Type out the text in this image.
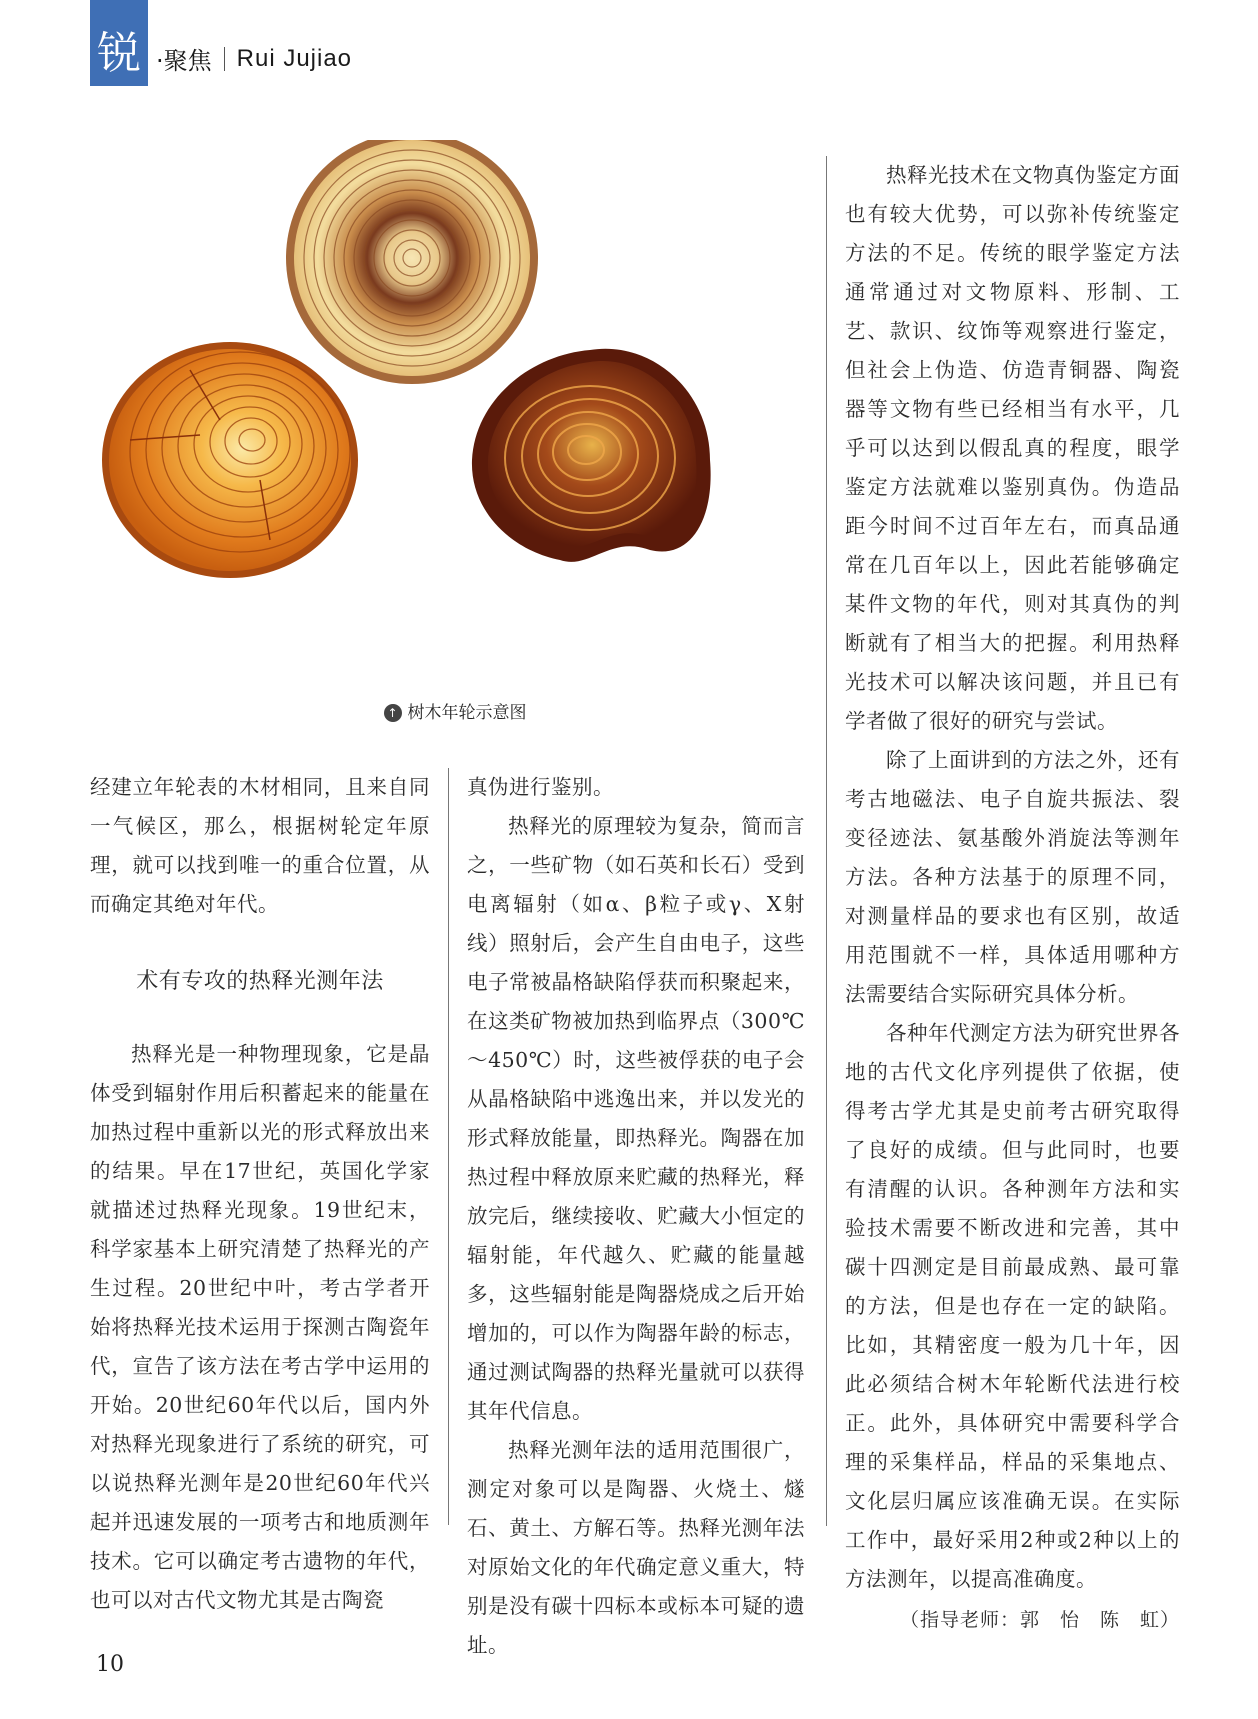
锐 ·聚焦 Rui Jujiao
↑ 树木年轮示意图

经建立年轮表的木材相同，且来自同一气候区，那么，根据树轮定年原理，就可以找到唯一的重合位置，从而确定其绝对年代。

术有专攻的热释光测年法

热释光是一种物理现象，它是晶体受到辐射作用后积蓄起来的能量在加热过程中重新以光的形式释放出来的结果。早在17世纪，英国化学家就描述过热释光现象。19世纪末，科学家基本上研究清楚了热释光的产生过程。20世纪中叶，考古学者开始将热释光技术运用于探测古陶瓷年代，宣告了该方法在考古学中运用的开始。20世纪60年代以后，国内外对热释光现象进行了系统的研究，可以说热释光测年是20世纪60年代兴起并迅速发展的一项考古和地质测年技术。它可以确定考古遗物的年代，也可以对古代文物尤其是古陶瓷

真伪进行鉴别。

热释光的原理较为复杂，简而言之，一些矿物（如石英和长石）受到电离辐射（如α、β粒子或γ、X射线）照射后，会产生自由电子，这些电子常被晶格缺陷俘获而积聚起来，在这类矿物被加热到临界点（300℃～450℃）时，这些被俘获的电子会从晶格缺陷中逃逸出来，并以发光的形式释放能量，即热释光。陶器在加热过程中释放原来贮藏的热释光，释放完后，继续接收、贮藏大小恒定的辐射能，年代越久、贮藏的能量越多，这些辐射能是陶器烧成之后开始增加的，可以作为陶器年龄的标志，通过测试陶器的热释光量就可以获得其年代信息。

热释光测年法的适用范围很广，测定对象可以是陶器、火烧土、燧石、黄土、方解石等。热释光测年法对原始文化的年代确定意义重大，特别是没有碳十四标本或标本可疑的遗址。

热释光技术在文物真伪鉴定方面也有较大优势，可以弥补传统鉴定方法的不足。传统的眼学鉴定方法通常通过对文物原料、形制、工艺、款识、纹饰等观察进行鉴定，但社会上伪造、仿造青铜器、陶瓷器等文物有些已经相当有水平，几乎可以达到以假乱真的程度，眼学鉴定方法就难以鉴别真伪。伪造品距今时间不过百年左右，而真品通常在几百年以上，因此若能够确定某件文物的年代，则对其真伪的判断就有了相当大的把握。利用热释光技术可以解决该问题，并且已有学者做了很好的研究与尝试。

除了上面讲到的方法之外，还有考古地磁法、电子自旋共振法、裂变径迹法、氨基酸外消旋法等测年方法。各种方法基于的原理不同，对测量样品的要求也有区别，故适用范围就不一样，具体适用哪种方法需要结合实际研究具体分析。

各种年代测定方法为研究世界各地的古代文化序列提供了依据，使得考古学尤其是史前考古研究取得了良好的成绩。但与此同时，也要有清醒的认识。各种测年方法和实验技术需要不断改进和完善，其中碳十四测定是目前最成熟、最可靠的方法，但是也存在一定的缺陷。比如，其精密度一般为几十年，因此必须结合树木年轮断代法进行校正。此外，具体研究中需要科学合理的采集样品，样品的采集地点、文化层归属应该准确无误。在实际工作中，最好采用2种或2种以上的方法测年，以提高准确度。

（指导老师：郭　怡　陈　虹）
10
